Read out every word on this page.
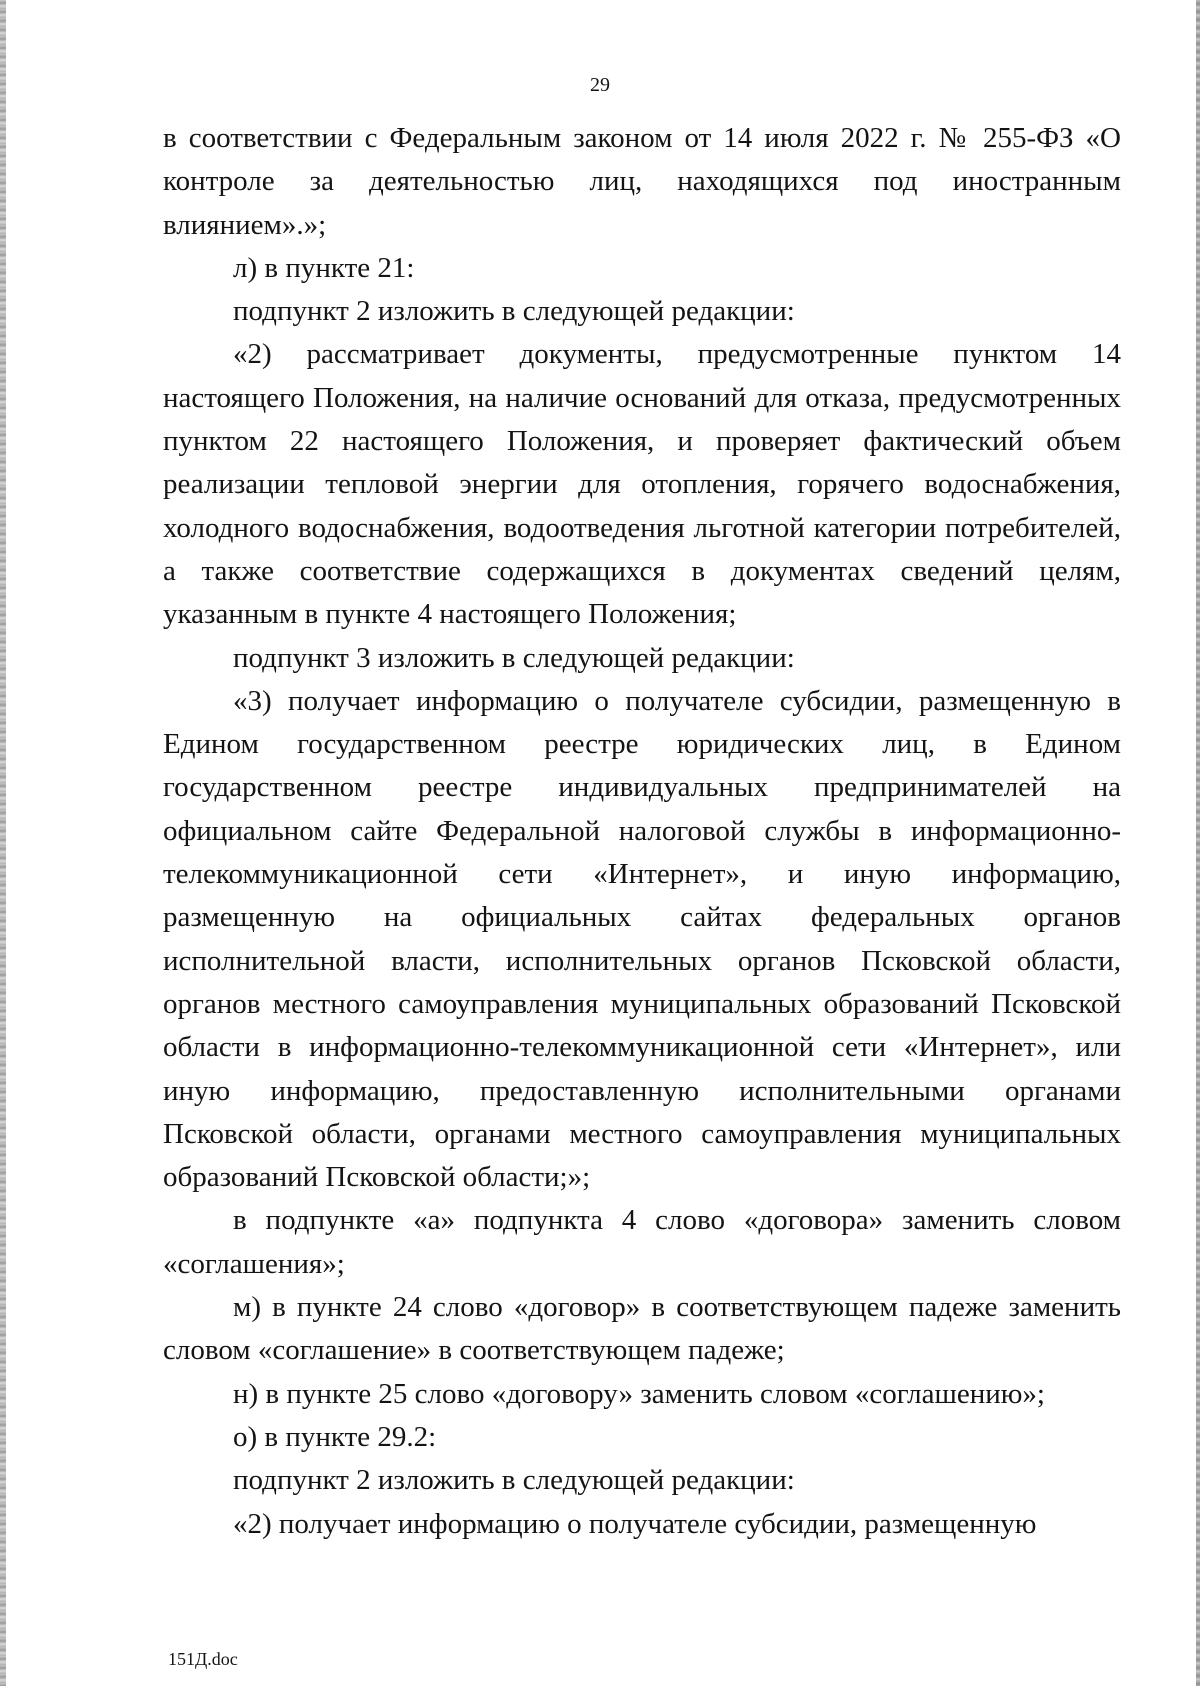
29

в соответствии с Федеральным законом от 14 июля 2022 г. № 255-ФЗ «О контроле за деятельностью лиц, находящихся под иностранным влиянием».»;

л) в пункте 21:

подпункт 2 изложить в следующей редакции:

«2) рассматривает документы, предусмотренные пунктом 14 настоящего Положения, на наличие оснований для отказа, предусмотренных пунктом 22 настоящего Положения, и проверяет фактический объем реализации тепловой энергии для отопления, горячего водоснабжения, холодного водоснабжения, водоотведения льготной категории потребителей, а также соответствие содержащихся в документах сведений целям, указанным в пункте 4 настоящего Положения;

подпункт 3 изложить в следующей редакции:

«3) получает информацию о получателе субсидии, размещенную в Едином государственном реестре юридических лиц, в Едином государственном реестре индивидуальных предпринимателей на официальном сайте Федеральной налоговой службы в информационно-телекоммуникационной сети «Интернет», и иную информацию, размещенную на официальных сайтах федеральных органов исполнительной власти, исполнительных органов Псковской области, органов местного самоуправления муниципальных образований Псковской области в информационно-телекоммуникационной сети «Интернет», или иную информацию, предоставленную исполнительными органами Псковской области, органами местного самоуправления муниципальных образований Псковской области;»;

в подпункте «а» подпункта 4 слово «договора» заменить словом «соглашения»;

м) в пункте 24 слово «договор» в соответствующем падеже заменить словом «соглашение» в соответствующем падеже;

н) в пункте 25 слово «договору» заменить словом «соглашению»;

о) в пункте 29.2:

подпункт 2 изложить в следующей редакции:

«2) получает информацию о получателе субсидии, размещенную

151Д.doc
